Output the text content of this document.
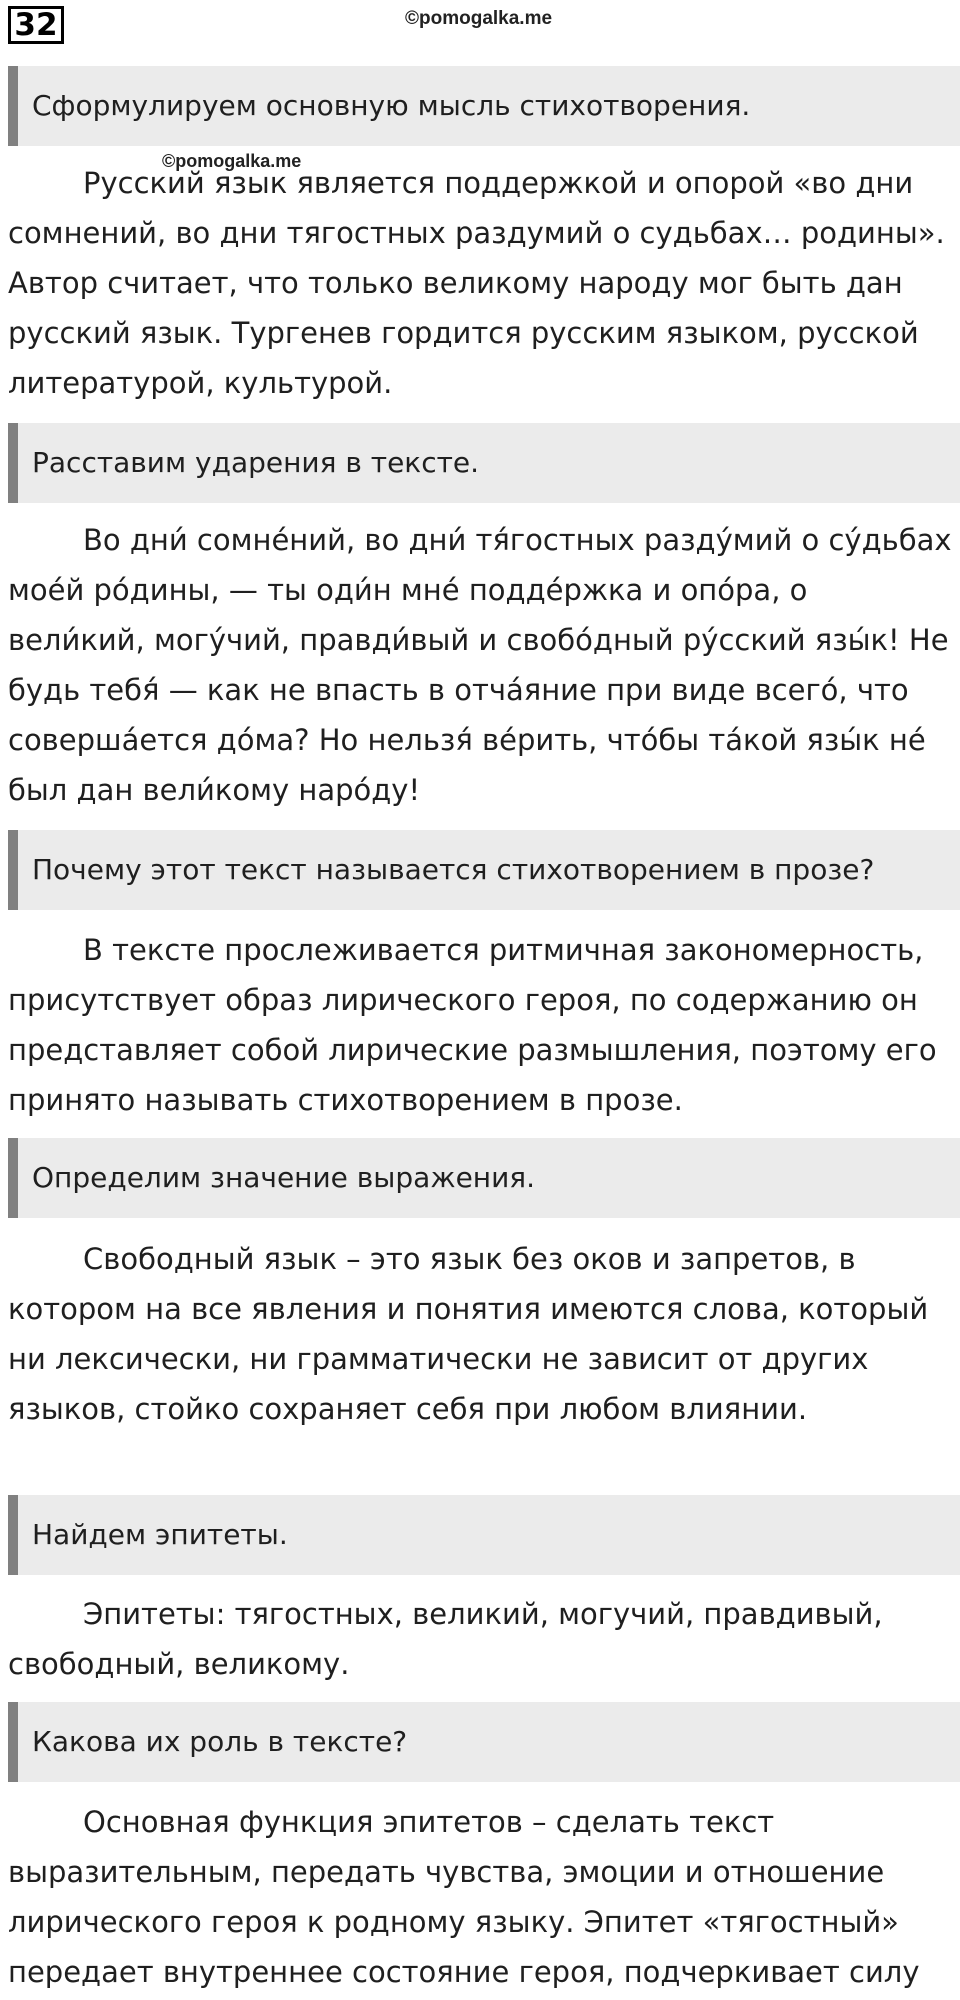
32	©pomogalka.me
Сформулируем основную мысль стихотворения.

Русский язык является поддержкой и опорой «во дни сомнений, во дни тягостных раздумий о судьбах… родины». Автор считает, что только великому народу мог быть дан русский язык. Тургенев гордится русским языком, русской литературой, культурой.

©pomogalka.me
Расставим ударения в тексте.

Во дни́ сомне́ний, во дни́ тя́гостных разду́мий о су́дьбах мое́й ро́дины, — ты оди́н мне́ подде́ржка и опо́ра, о вели́кий, могу́чий, правди́вый и свобо́дный ру́сский язы́к! Не будь тебя́ — как не впасть в отча́яние при виде всего́, что соверша́ется до́ма? Но нельзя́ ве́рить, что́бы та́кой язы́к не́ был дан вели́кому наро́ду!

Почему этот текст называется стихотворением в прозе?

В тексте прослеживается ритмичная закономерность, присутствует образ лирического героя, по содержанию он представляет собой лирические размышления, поэтому его принято называть стихотворением в прозе.

Определим значение выражения.

Свободный язык – это язык без оков и запретов, в котором на все явления и понятия имеются слова, который ни лексически, ни грамматически не зависит от других языков, стойко сохраняет себя при любом влиянии.

Найдем эпитеты.

Эпитеты: тягостных, великий, могучий, правдивый, свободный, великому.

Какова их роль в тексте?

Основная функция эпитетов – сделать текст выразительным, передать чувства, эмоции и отношение лирического героя к родному языку. Эпитет «тягостный» передает внутреннее состояние героя, подчеркивает силу
